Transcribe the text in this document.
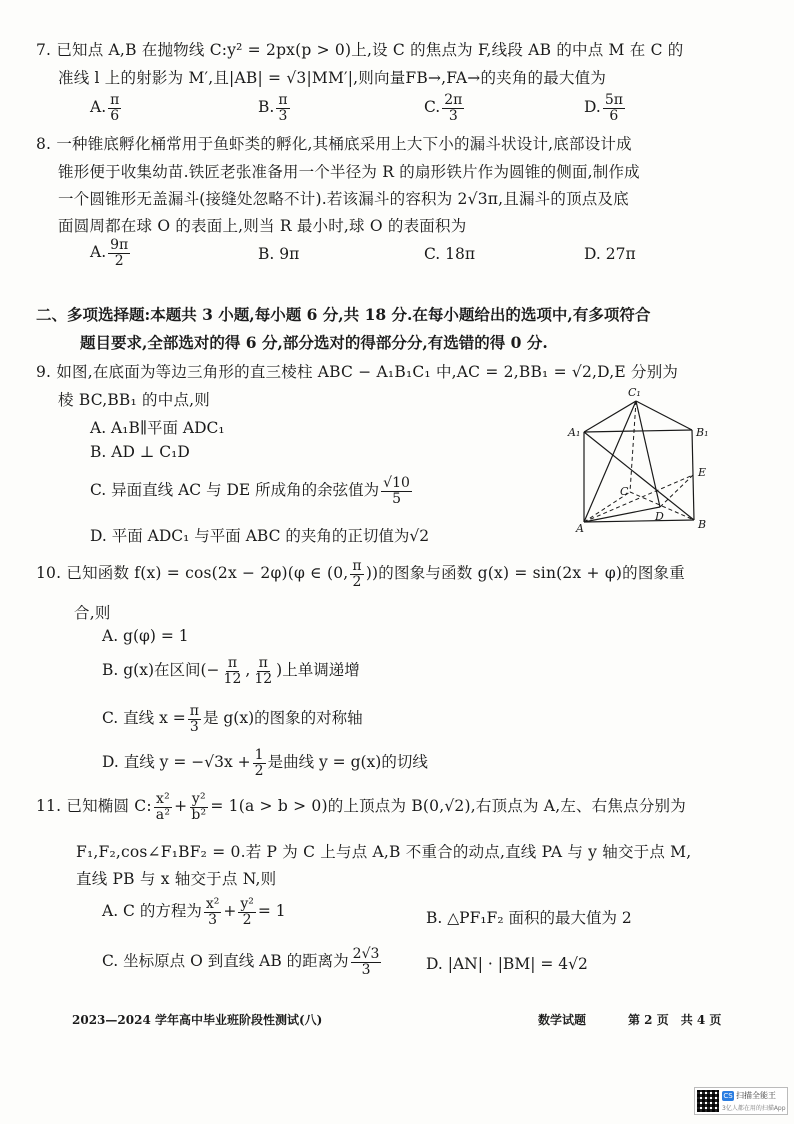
7. 已知点 A,B 在抛物线 C:y² = 2px(p > 0)上,设 C 的焦点为 F,线段 AB 的中点 M 在 C 的
准线 l 上的射影为 M′,且|AB| = √3|MM′|,则向量FB→,FA→的夹角的最大值为
A. $\frac{\pi}{6}$	B. $\frac{\pi}{3}$	C. $\frac{2\pi}{3}$	D. $\frac{5\pi}{6}$
8. 一种锥底孵化桶常用于鱼虾类的孵化,其桶底采用上大下小的漏斗状设计,底部设计成
锥形便于收集幼苗.铁匠老张准备用一个半径为 R 的扇形铁片作为圆锥的侧面,制作成
一个圆锥形无盖漏斗(接缝处忽略不计).若该漏斗的容积为 2√3π,且漏斗的顶点及底
面圆周都在球 O 的表面上,则当 R 最小时,球 O 的表面积为
A. $\frac{9\pi}{2}$	B. 9π	C. 18π	D. 27π
二、多项选择题:本题共 3 小题,每小题 6 分,共 18 分.在每小题给出的选项中,有多项符合
题目要求,全部选对的得 6 分,部分选对的得部分分,有选错的得 0 分.
9. 如图,在底面为等边三角形的直三棱柱 ABC − A₁B₁C₁ 中,AC = 2,BB₁ = √2,D,E 分别为
棱 BC,BB₁ 的中点,则
A. A₁B∥平面 ADC₁
B. AD ⊥ C₁D
C. 异面直线 AC 与 DE 所成角的余弦值为 $\frac{√10}{5}$
D. 平面 ADC₁ 与平面 ABC 的夹角的正切值为√2
C₁
A₁	B₁
E
C
D
A	B
10. 已知函数 f(x) = cos(2x − 2φ)(φ ∈ (0, $\frac{\pi}{2}$ ))的图象与函数 g(x) = sin(2x + φ)的图象重
合,则
A. g(φ) = 1
B. g(x)在区间(− $\frac{\pi}{12}$ , $\frac{\pi}{12}$ )上单调递增
C. 直线 $x = \frac{\pi}{3}$ 是 g(x)的图象的对称轴
D. 直线 $y = -√3x + \frac{1}{2}$ 是曲线 y = g(x)的切线
11. 已知椭圆 C: $\frac{\text{x²}}{\text{a²}} + \frac{\text{y²}}{\text{b²}} = 1(a > b > 0)$的上顶点为 B(0,√2),右顶点为 A,左、右焦点分别为
F₁,F₂,cos∠F₁BF₂ = 0.若 P 为 C 上与点 A,B 不重合的动点,直线 PA 与 y 轴交于点 M,
直线 PB 与 x 轴交于点 N,则
A. C 的方程为 $\frac{\text{x²}}{3} + \frac{\text{y²}}{2} = 1$	B. △PF₁F₂ 面积的最大值为 2
C. 坐标原点 O 到直线 AB 的距离为 $\frac{2√3}{3}$	D. |AN| · |BM| = 4√2
2023—2024 学年高中毕业班阶段性测试(八)	数学试题	第 2 页　共 4 页
CS 扫描全能王
3亿人都在用的扫描App
